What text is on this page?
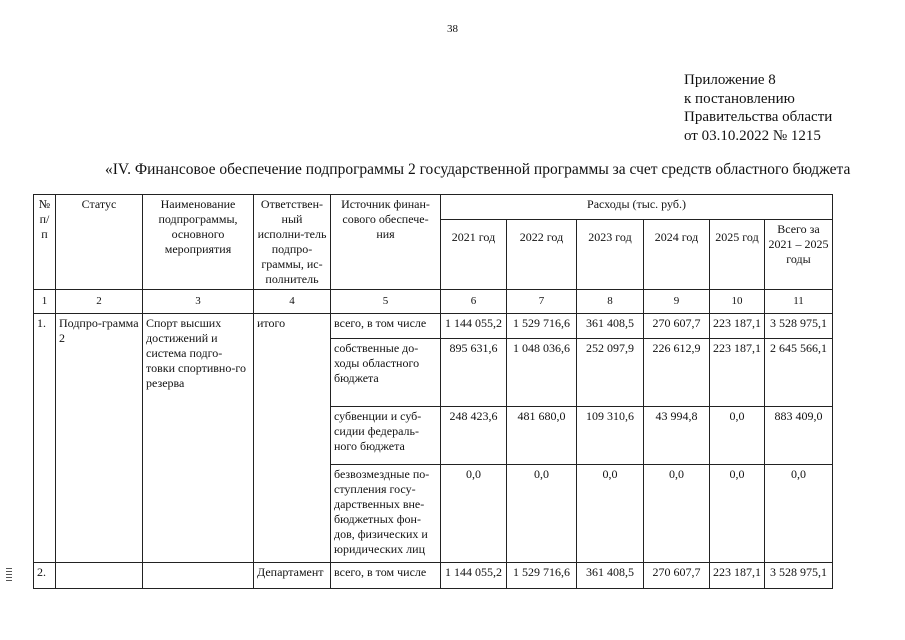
38
Приложение 8
к постановлению
Правительства области
от 03.10.2022 № 1215
«IV. Финансовое обеспечение подпрограммы 2 государственной программы за счет средств областного бюджета
№ п/п	Статус	Наименование подпрограммы, основного мероприятия	Ответствен-ный исполни-тель подпро-граммы, ис-полнитель	Источник финан-сового обеспече-ния	Расходы (тыс. руб.)					
					2021 год	2022 год	2023 год	2024 год	2025 год	Всего за 2021 – 2025 годы
1	2	3	4	5	6	7	8	9	10	11
1.	Подпро-грамма 2	Спорт высших достижений и система подго-товки спортивно-го резерва	итого	всего, в том числе	1 144 055,2	1 529 716,6	361 408,5	270 607,7	223 187,1	3 528 975,1
				собственные до-ходы областного бюджета	895 631,6	1 048 036,6	252 097,9	226 612,9	223 187,1	2 645 566,1
				субвенции и суб-сидии федераль-ного бюджета	248 423,6	481 680,0	109 310,6	43 994,8	0,0	883 409,0
				безвозмездные по-ступления госу-дарственных вне-бюджетных фон-дов, физических и юридических лиц	0,0	0,0	0,0	0,0	0,0	0,0
2.			Департамент	всего, в том числе	1 144 055,2	1 529 716,6	361 408,5	270 607,7	223 187,1	3 528 975,1
